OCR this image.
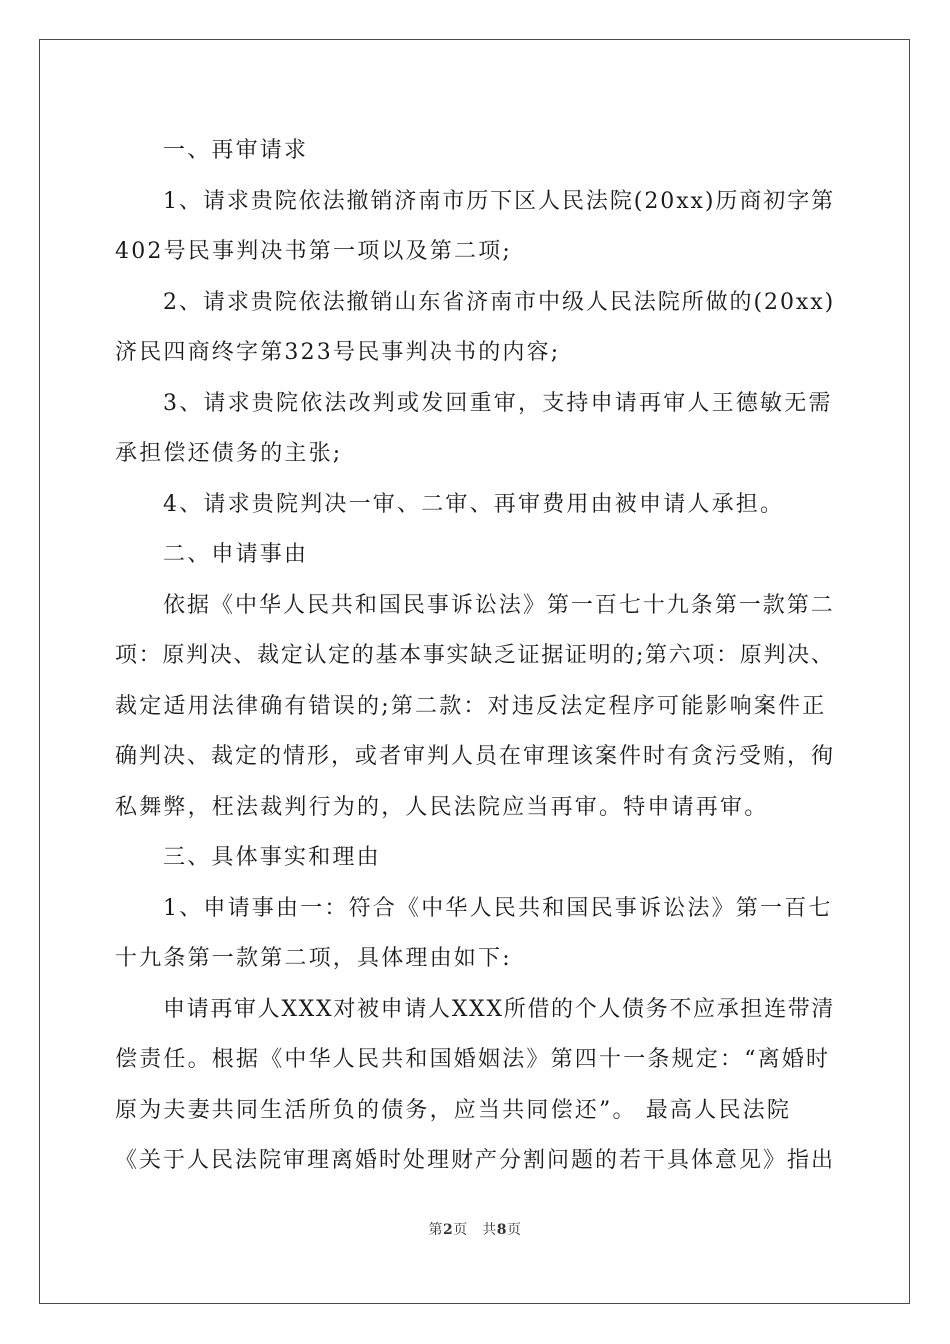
一、再审请求
1、请求贵院依法撤销济南市历下区人民法院(20xx)历商初字第
402号民事判决书第一项以及第二项;
2、请求贵院依法撤销山东省济南市中级人民法院所做的(20xx)
济民四商终字第323号民事判决书的内容;
3、请求贵院依法改判或发回重审，支持申请再审人王德敏无需
承担偿还债务的主张;
4、请求贵院判决一审、二审、再审费用由被申请人承担。
二、申请事由
依据《中华人民共和国民事诉讼法》第一百七十九条第一款第二
项：原判决、裁定认定的基本事实缺乏证据证明的;第六项：原判决、
裁定适用法律确有错误的;第二款：对违反法定程序可能影响案件正
确判决、裁定的情形，或者审判人员在审理该案件时有贪污受贿，徇
私舞弊，枉法裁判行为的，人民法院应当再审。特申请再审。
三、具体事实和理由
1、申请事由一：符合《中华人民共和国民事诉讼法》第一百七
十九条第一款第二项，具体理由如下:
申请再审人XXX对被申请人XXX所借的个人债务不应承担连带清
偿责任。根据《中华人民共和国婚姻法》第四十一条规定：“离婚时
原为夫妻共同生活所负的债务，应当共同偿还”。 最高人民法院
《关于人民法院审理离婚时处理财产分割问题的若干具体意见》指出
第2页　共8页
